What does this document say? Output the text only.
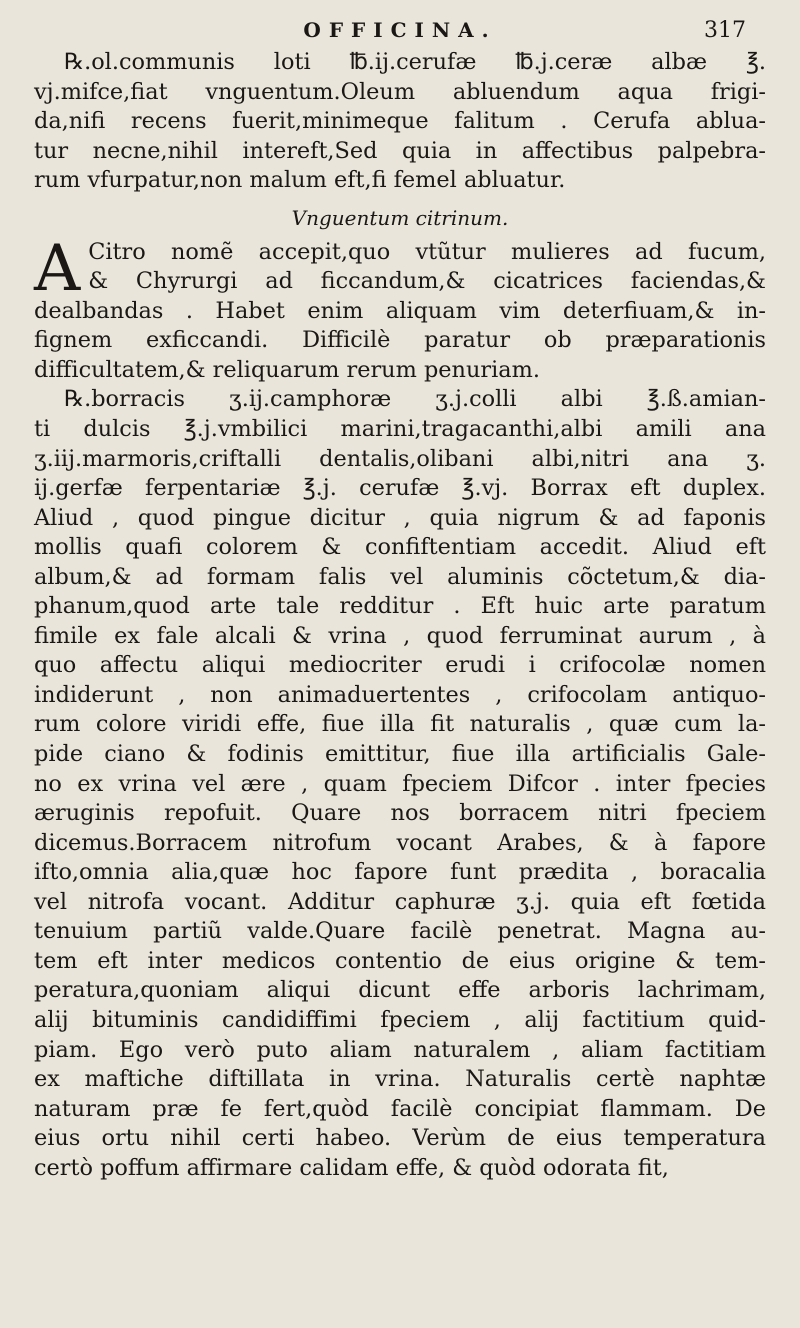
OFFICINA.	317

℞.ol.communis loti ℔.ij.cerufæ ℔.j.ceræ albæ ℥.

vj.mifce,fiat vnguentum.Oleum abluendum aqua frigi-

da,nifi recens fuerit,minimeque falitum . Cerufa ablua-

tur necne,nihil intereft,Sed quia in affectibus palpebra-

rum vfurpatur,non malum eft,fi femel abluatur.

Vnguentum citrinum.
A Citro nomẽ accepit,quo vtũtur mulieres ad fucum,

& Chyrurgi ad ficcandum,& cicatrices faciendas,&

dealbandas . Habet enim aliquam vim deterfiuam,& in-

fignem exficcandi. Difficilè paratur ob præparationis

difficultatem,& reliquarum rerum penuriam.

℞.borracis ʒ.ij.camphoræ ʒ.j.colli albi ℥.ß.amian-

ti dulcis ℥.j.vmbilici marini,tragacanthi,albi amili ana

ʒ.iij.marmoris,criftalli dentalis,olibani albi,nitri ana ʒ.

ij.gerfæ ferpentariæ ℥.j. cerufæ ℥.vj. Borrax eft duplex.

Aliud , quod pingue dicitur , quia nigrum & ad faponis

mollis quafi colorem & confiftentiam accedit. Aliud eft

album,& ad formam falis vel aluminis cõctetum,& dia-

phanum,quod arte tale redditur . Eft huic arte paratum

fimile ex fale alcali & vrina , quod ferruminat aurum , à

quo affectu aliqui mediocriter erudi i crifocolæ nomen

indiderunt , non animaduertentes , crifocolam antiquo-

rum colore viridi effe, fiue illa fit naturalis , quæ cum la-

pide ciano & fodinis emittitur, fiue illa artificialis Gale-

no ex vrina vel ære , quam fpeciem Difcor . inter fpecies

æruginis repofuit. Quare nos borracem nitri fpeciem

dicemus.Borracem nitrofum vocant Arabes, & à fapore

ifto,omnia alia,quæ hoc fapore funt prædita , boracalia

vel nitrofa vocant. Additur caphuræ ʒ.j. quia eft fœtida

tenuium partiũ valde.Quare facilè penetrat. Magna au-

tem eft inter medicos contentio de eius origine & tem-

peratura,quoniam aliqui dicunt effe arboris lachrimam,

alij bituminis candidiffimi fpeciem , alij factitium quid-

piam. Ego verò puto aliam naturalem , aliam factitiam

ex maftiche diftillata in vrina. Naturalis certè naphtæ

naturam præ fe fert,quòd facilè concipiat flammam. De

eius ortu nihil certi habeo. Verùm de eius temperatura

certò poffum affirmare calidam effe, & quòd odorata fit,
